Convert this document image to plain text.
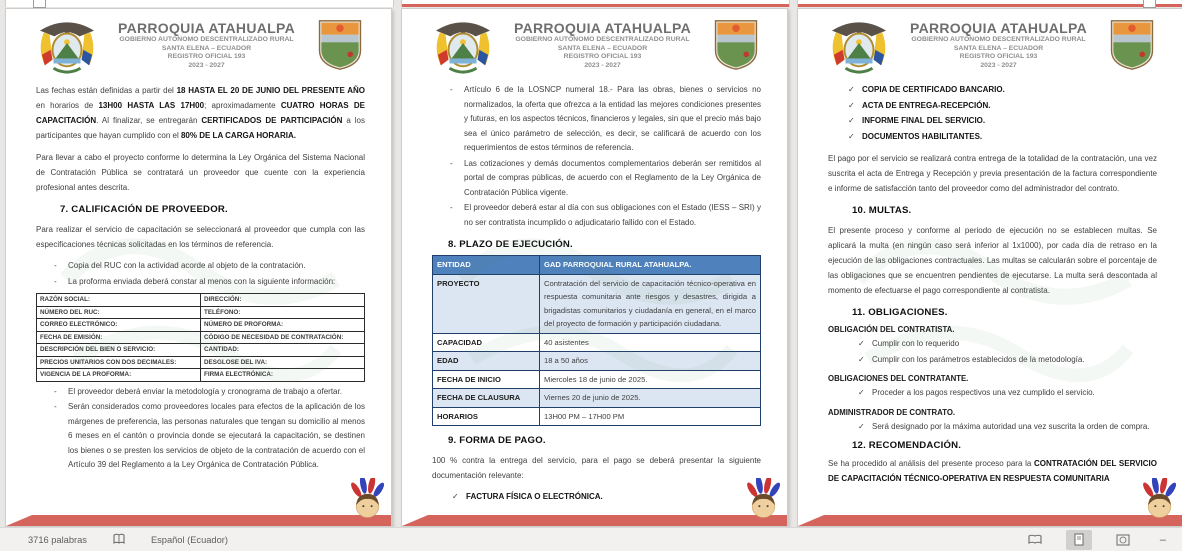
PARROQUIA ATAHUALPA
GOBIERNO AUTÓNOMO DESCENTRALIZADO RURAL
SANTA ELENA – ECUADOR
REGISTRO OFICIAL 193
2023 - 2027

Las fechas están definidas a partir del 18 HASTA EL 20 DE JUNIO DEL PRESENTE AÑO en horarios de 13H00 HASTA LAS 17H00; aproximadamente CUATRO HORAS DE CAPACITACIÓN. Al finalizar, se entregarán CERTIFICADOS DE PARTICIPACIÓN a los participantes que hayan cumplido con el 80% DE LA CARGA HORARIA.

Para llevar a cabo el proyecto conforme lo determina la Ley Orgánica del Sistema Nacional de Contratación Pública se contratará un proveedor que cuente con la experiencia profesional antes descrita.

7. CALIFICACIÓN DE PROVEEDOR.

Para realizar el servicio de capacitación se seleccionará al proveedor que cumpla con las especificaciones técnicas solicitadas en los términos de referencia.

-	Copia del RUC con la actividad acorde al objeto de la contratación.
-	La proforma enviada deberá constar al menos con la siguiente información:
RAZÓN SOCIAL:	DIRECCIÓN:
NÚMERO DEL RUC:	TELÉFONO:
CORREO ELECTRÓNICO:	NÚMERO DE PROFORMA:
FECHA DE EMISIÓN:	CÓDIGO DE NECESIDAD DE CONTRATACIÓN:
DESCRIPCIÓN DEL BIEN O SERVICIO:	CANTIDAD:
PRECIOS UNITARIOS CON DOS DECIMALES:	DESGLOSE DEL IVA:
VIGENCIA DE LA PROFORMA:	FIRMA ELECTRÓNICA:
-	El proveedor deberá enviar la metodología y cronograma de trabajo a ofertar.
-	Serán considerados como proveedores locales para efectos de la aplicación de los márgenes de preferencia, las personas naturales que tengan su domicilio al menos 6 meses en el cantón o provincia donde se ejecutará la capacitación, se destinen los bienes o se presten los servicios de objeto de la contratación de acuerdo con el Artículo 39 del Reglamento a la Ley Orgánica de Contratación Pública.
PARROQUIA ATAHUALPA
GOBIERNO AUTÓNOMO DESCENTRALIZADO RURAL
SANTA ELENA – ECUADOR
REGISTRO OFICIAL 193
2023 - 2027
-	Artículo 6 de la LOSNCP numeral 18.- Para las obras, bienes o servicios no normalizados, la oferta que ofrezca a la entidad las mejores condiciones presentes y futuras, en los aspectos técnicos, financieros y legales, sin que el precio más bajo sea el único parámetro de selección, es decir, se calificará de acuerdo con los requerimientos de estos términos de referencia.
-	Las cotizaciones y demás documentos complementarios deberán ser remitidos al portal de compras públicas, de acuerdo con el Reglamento de la Ley Orgánica de Contratación Pública vigente.
-	El proveedor deberá estar al día con sus obligaciones con el Estado (IESS – SRI) y no ser contratista incumplido o adjudicatario fallido con el Estado.
8. PLAZO DE EJECUCIÓN.
ENTIDAD	GAD PARROQUIAL RURAL ATAHUALPA.
PROYECTO	Contratación del servicio de capacitación técnico-operativa en respuesta comunitaria ante riesgos y desastres, dirigida a brigadistas comunitarios y ciudadanía en general, en el marco del proyecto de formación y participación ciudadana.
CAPACIDAD	40 asistentes
EDAD	18 a 50 años
FECHA DE INICIO	Miercoles 18 de junio de 2025.
FECHA DE CLAUSURA	Viernes 20 de junio de 2025.
HORARIOS	13H00 PM – 17H00 PM
9. FORMA DE PAGO.

100 % contra la entrega del servicio, para el pago se deberá presentar la siguiente documentación relevante:

✓ FACTURA FÍSICA O ELECTRÓNICA.
PARROQUIA ATAHUALPA
GOBIERNO AUTÓNOMO DESCENTRALIZADO RURAL
SANTA ELENA – ECUADOR
REGISTRO OFICIAL 193
2023 - 2027
✓ COPIA DE CERTIFICADO BANCARIO.
✓ ACTA DE ENTREGA-RECEPCIÓN.
✓ INFORME FINAL DEL SERVICIO.
✓ DOCUMENTOS HABILITANTES.

El pago por el servicio se realizará contra entrega de la totalidad de la contratación, una vez suscrita el acta de Entrega y Recepción y previa presentación de la factura correspondiente e informe de satisfacción tanto del proveedor como del administrador del contrato.

10. MULTAS.

El presente proceso y conforme al periodo de ejecución no se establecen multas. Se aplicará la multa (en ningún caso será inferior al 1x1000), por cada día de retraso en la ejecución de las obligaciones contractuales. Las multas se calcularán sobre el porcentaje de las obligaciones que se encuentren pendientes de ejecutarse. La multa será descontada al momento de efectuarse el pago correspondiente al contratista.

11. OBLIGACIONES.
OBLIGACIÓN DEL CONTRATISTA.
✓ Cumplir con lo requerido
✓ Cumplir con los parámetros establecidos de la metodología.
OBLIGACIONES DEL CONTRATANTE.
✓ Proceder a los pagos respectivos una vez cumplido el servicio.
ADMINISTRADOR DE CONTRATO.
✓ Será designado por la máxima autoridad una vez suscrita la orden de compra.
12. RECOMENDACIÓN.

Se ha procedido al análisis del presente proceso para la CONTRATACIÓN DEL SERVICIO DE CAPACITACIÓN TÉCNICO-OPERATIVA EN RESPUESTA COMUNITARIA

3716 palabras	Español (Ecuador)	–
